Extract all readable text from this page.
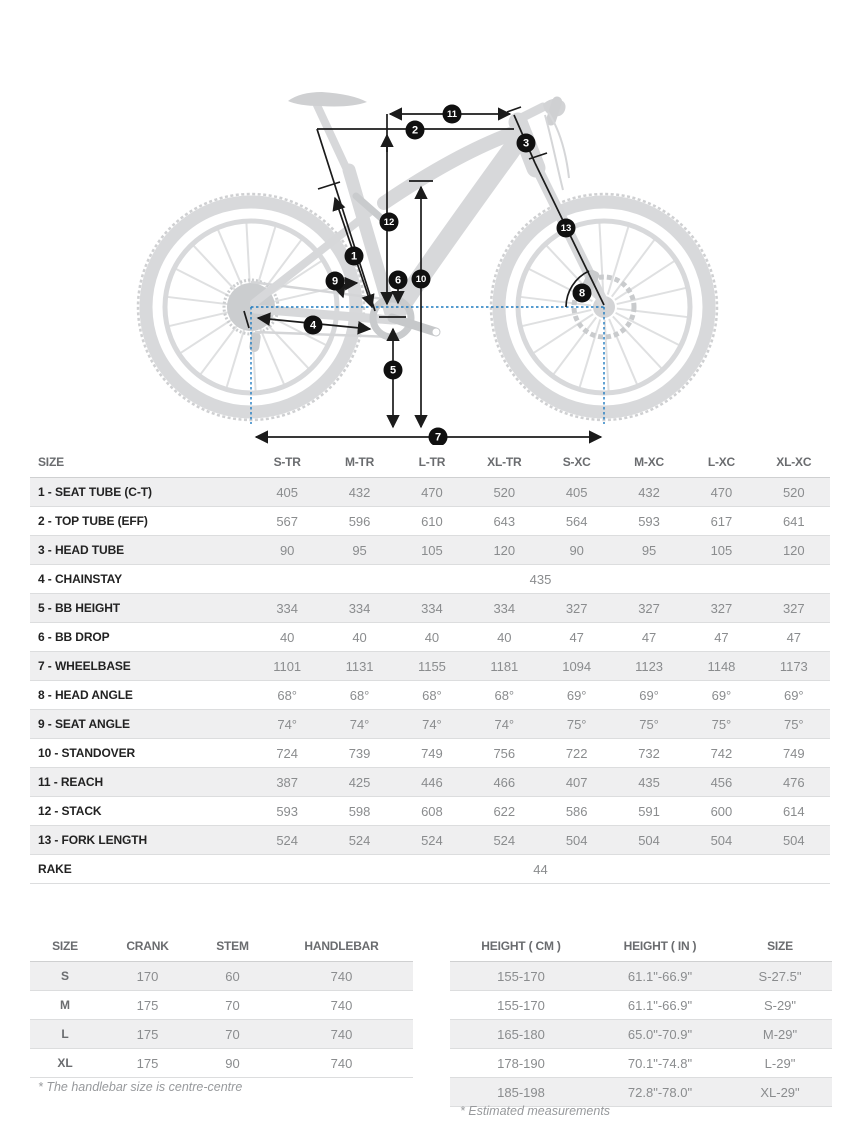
1
2
3
4
5
6
7
8
9	10
11
12
13
SIZE	S-TR	M-TR	L-TR	XL-TR	S-XC	M-XC	L-XC	XL-XC
1 - SEAT TUBE (C-T)	405	432	470	520	405	432	470	520
2 - TOP TUBE (EFF)	567	596	610	643	564	593	617	641
3 - HEAD TUBE	90	95	105	120	90	95	105	120
4 - CHAINSTAY	435							
5 - BB HEIGHT	334	334	334	334	327	327	327	327
6 - BB DROP	40	40	40	40	47	47	47	47
7 - WHEELBASE	1101	1131	1155	1181	1094	1123	1148	1173
8 - HEAD ANGLE	68°	68°	68°	68°	69°	69°	69°	69°
9 - SEAT ANGLE	74°	74°	74°	74°	75°	75°	75°	75°
10 - STANDOVER	724	739	749	756	722	732	742	749
11 - REACH	387	425	446	466	407	435	456	476
12 - STACK	593	598	608	622	586	591	600	614
13 - FORK LENGTH	524	524	524	524	504	504	504	504
RAKE	44							
SIZE	CRANK	STEM	HANDLEBAR
S	170	60	740
M	175	70	740
L	175	70	740
XL	175	90	740
* The handlebar size is centre-centre
HEIGHT ( CM )	HEIGHT ( IN )	SIZE
155-170	61.1"-66.9"	S-27.5"
155-170	61.1"-66.9"	S-29"
165-180	65.0"-70.9"	M-29"
178-190	70.1"-74.8"	L-29"
185-198	72.8"-78.0"	XL-29"
* Estimated measurements
